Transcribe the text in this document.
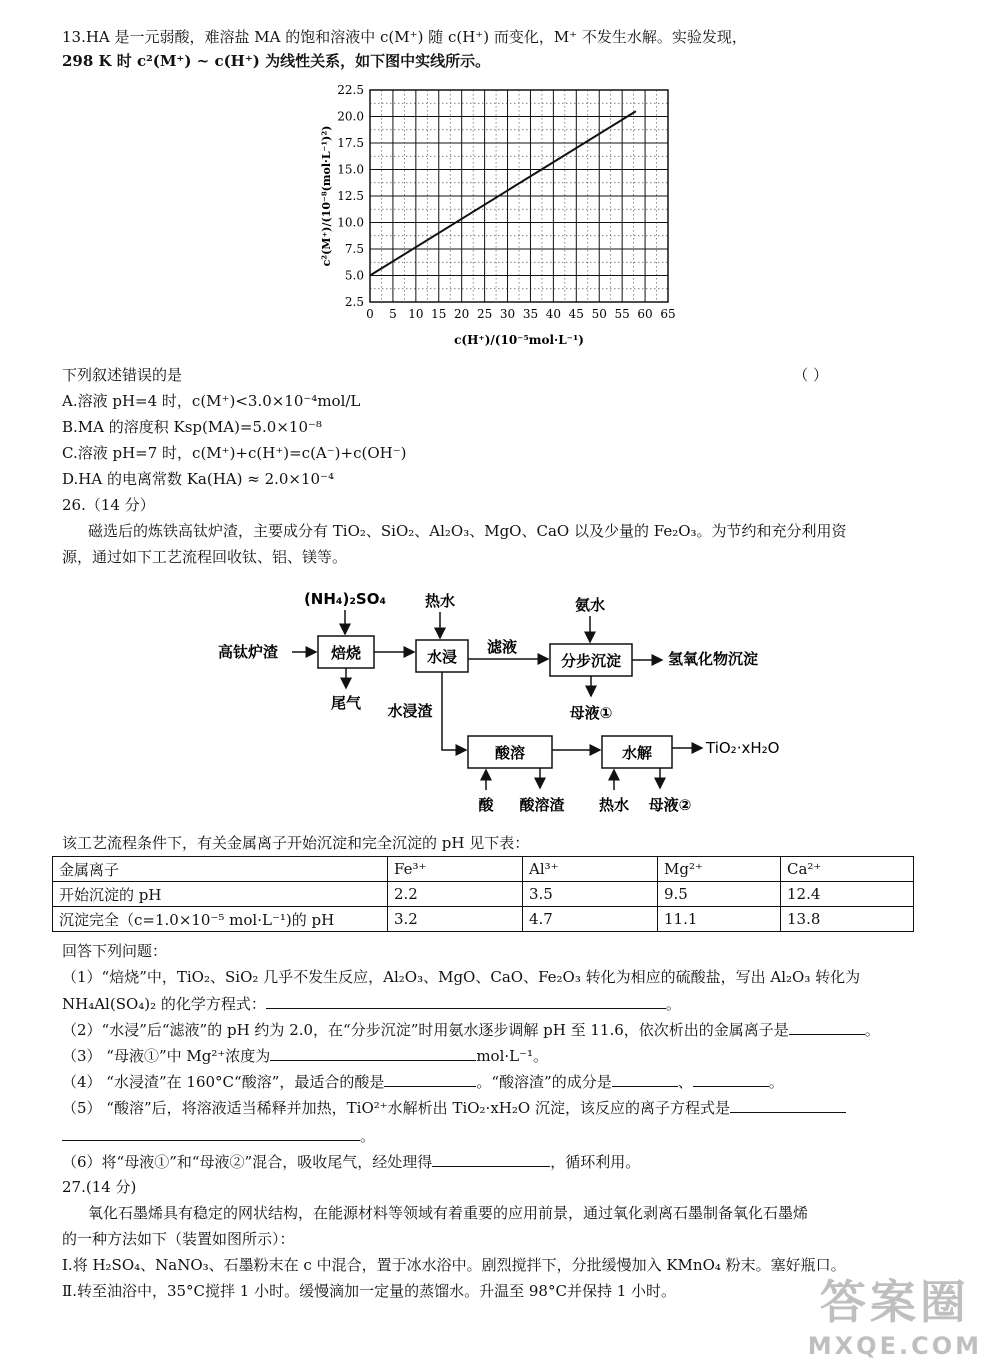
13.HA 是一元弱酸，难溶盐 MA 的饱和溶液中 c(M⁺) 随 c(H⁺) 而变化，M⁺ 不发生水解。实验发现，
298 K 时 c²(M⁺) ~ c(H⁺) 为线性关系，如下图中实线所示。
0 5 10 15 20 25 30 35 40 45 50 55 60 65
2.5
5.0
7.5
10.0
12.5
15.0
17.5
20.0
22.5
c(H⁺)/(10⁻⁵mol·L⁻¹)
c²(M⁺)/(10⁻⁸(mol·L⁻¹)²)
下列叙述错误的是	（ ）
A.溶液 pH=4 时，c(M⁺)<3.0×10⁻⁴mol/L
B.MA 的溶度积 Ksp(MA)=5.0×10⁻⁸
C.溶液 pH=7 时，c(M⁺)+c(H⁺)=c(A⁻)+c(OH⁻)
D.HA 的电离常数 Ka(HA) ≈ 2.0×10⁻⁴
26.（14 分）
磁选后的炼铁高钛炉渣，主要成分有 TiO₂、SiO₂、Al₂O₃、MgO、CaO 以及少量的 Fe₂O₃。为节约和充分利用资
源，通过如下工艺流程回收钛、铝、镁等。
(NH₄)₂SO₄	热水	氨水
高钛炉渣	焙烧	水浸
滤液
分步沉淀	氢氧化物沉淀
尾气 水浸渣	母液①
酸溶	水解	TiO₂·xH₂O
酸 酸溶渣 热水 母液②
该工艺流程条件下，有关金属离子开始沉淀和完全沉淀的 pH 见下表：
金属离子	Fe³⁺	Al³⁺	Mg²⁺	Ca²⁺
开始沉淀的 pH	2.2	3.5	9.5	12.4
沉淀完全（c=1.0×10⁻⁵ mol·L⁻¹)的 pH	3.2	4.7	11.1	13.8
回答下列问题：
（1）“焙烧”中，TiO₂、SiO₂ 几乎不发生反应，Al₂O₃、MgO、CaO、Fe₂O₃ 转化为相应的硫酸盐，写出 Al₂O₃ 转化为
NH₄Al(SO₄)₂ 的化学方程式：	。
（2）“水浸”后“滤液”的 pH 约为 2.0，在“分步沉淀”时用氨水逐步调解 pH 至 11.6，依次析出的金属离子是	。
（3） “母液①”中 Mg²⁺浓度为	mol·L⁻¹。
（4） “水浸渣”在 160°C“酸溶”，最适合的酸是	。“酸溶渣”的成分是	、	。
（5） “酸溶”后，将溶液适当稀释并加热，TiO²⁺水解析出 TiO₂·xH₂O 沉淀，该反应的离子方程式是
。
（6）将“母液①”和“母液②”混合，吸收尾气，经处理得	，循环利用。
27.(14 分)
氧化石墨烯具有稳定的网状结构，在能源材料等领域有着重要的应用前景，通过氧化剥离石墨制备氧化石墨烯
的一种方法如下（装置如图所示）：
Ⅰ.将 H₂SO₄、NaNO₃、石墨粉末在 c 中混合，置于冰水浴中。剧烈搅拌下，分批缓慢加入 KMnO₄ 粉末。塞好瓶口。
Ⅱ.转至油浴中，35°C搅拌 1 小时。缓慢滴加一定量的蒸馏水。升温至 98°C并保持 1 小时。	答案圈
MXQE.COM
